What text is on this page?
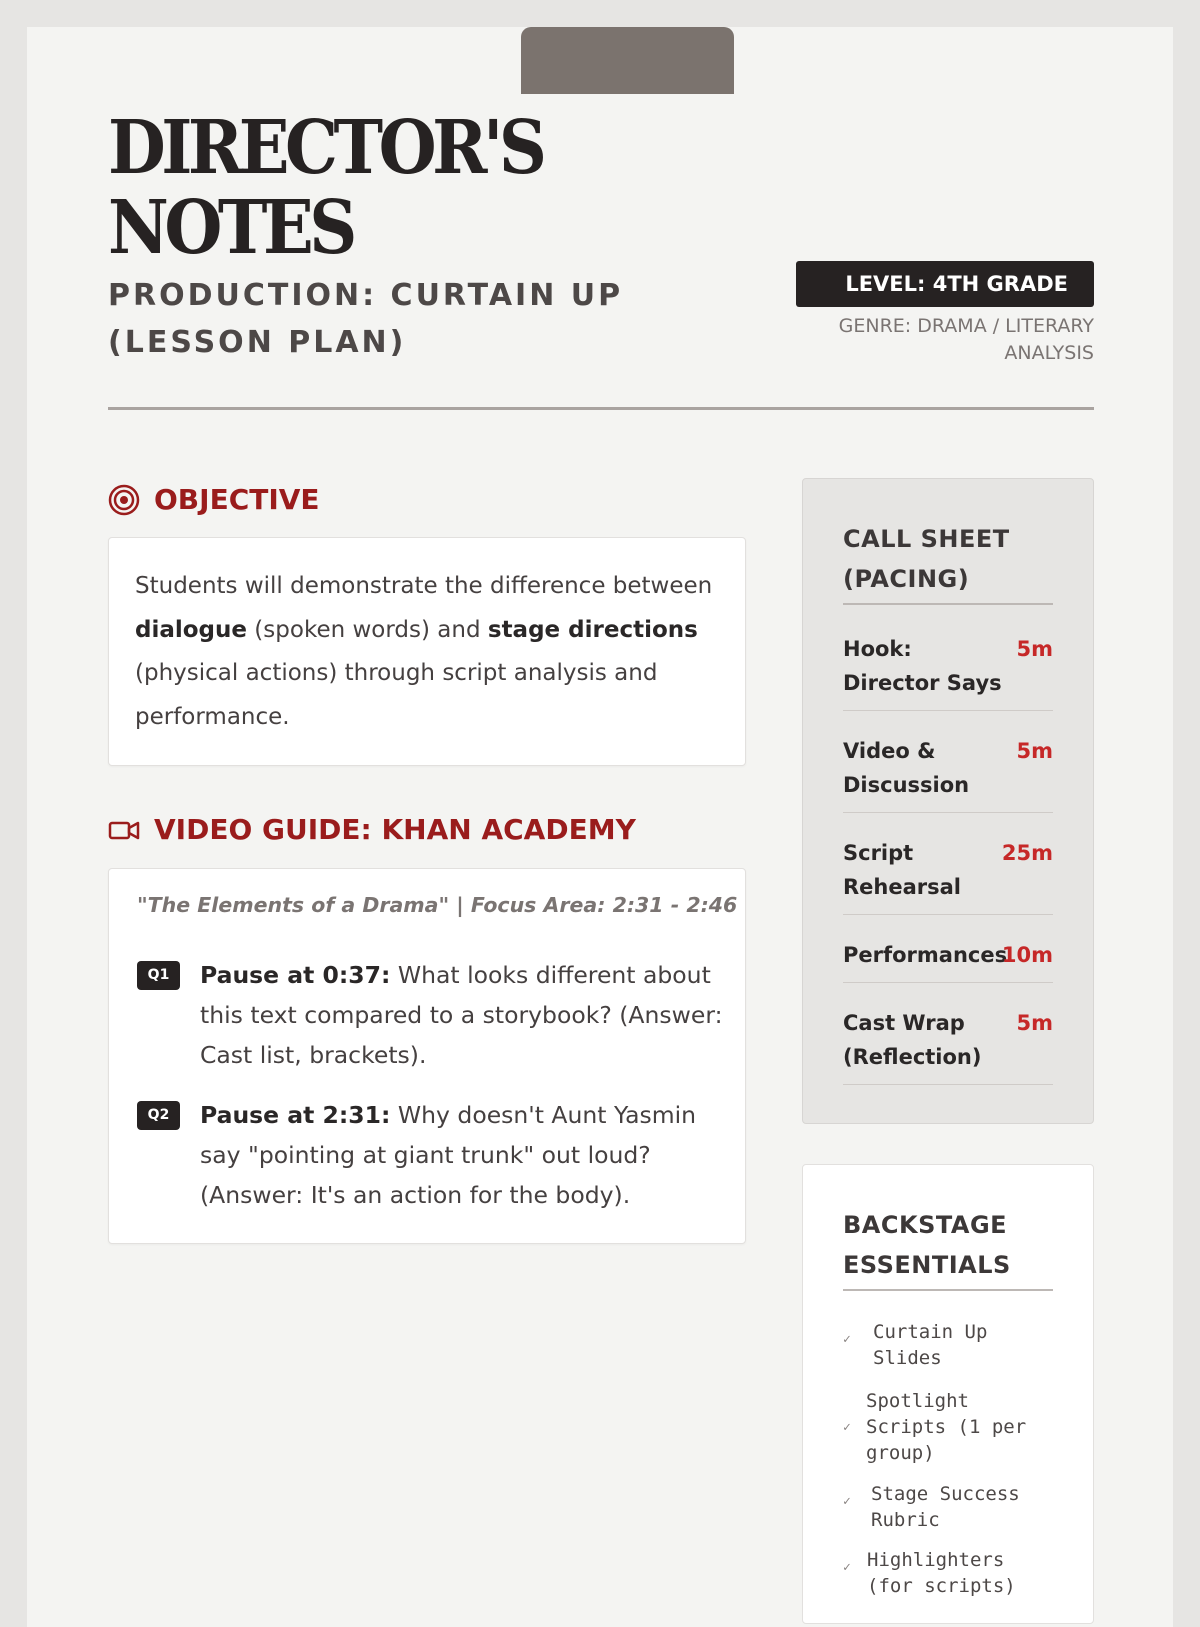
DIRECTOR'S
NOTES
PRODUCTION: CURTAIN UP
(LESSON PLAN)
LEVEL: 4TH GRADE
GENRE: DRAMA / LITERARY
ANALYSIS
OBJECTIVE

Students will demonstrate the difference between dialogue (spoken words) and stage directions (physical actions) through script analysis and performance.

VIDEO GUIDE: KHAN ACADEMY
"The Elements of a Drama" | Focus Area: 2:31 - 2:46
Q1	Pause at 0:37: What looks different about this text compared to a storybook? (Answer: Cast list, brackets).
Q2	Pause at 2:31: Why doesn't Aunt Yasmin say "pointing at giant trunk" out loud? (Answer: It's an action for the body).
CALL SHEET (PACING)
Hook: Director Says
5m
Video & Discussion
5m
Script Rehearsal
25m
Performances
10m
Cast Wrap (Reflection)
5m
BACKSTAGE ESSENTIALS
✓ Curtain Up Slides
✓
Spotlight Scripts (1 per group)
✓ Stage Success Rubric
✓ Highlighters (for scripts)
